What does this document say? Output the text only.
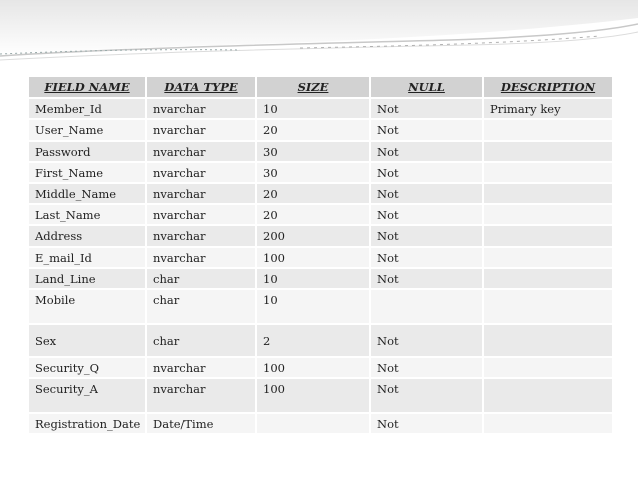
FIELD NAME	DATA TYPE	SIZE	NULL	DESCRIPTION
Member_Id	nvarchar	10	Not	Primary key
User_Name	nvarchar	20	Not	
Password	nvarchar	30	Not	
First_Name	nvarchar	30	Not	
Middle_Name	nvarchar	20	Not	
Last_Name	nvarchar	20	Not	
Address	nvarchar	200	Not	
E_mail_Id	nvarchar	100	Not	
Land_Line	char	10	Not	
Mobile	char	10		
Sex	char	2	Not	
Security_Q	nvarchar	100	Not	
Security_A	nvarchar	100	Not	
Registration_Date	Date/Time		Not	
